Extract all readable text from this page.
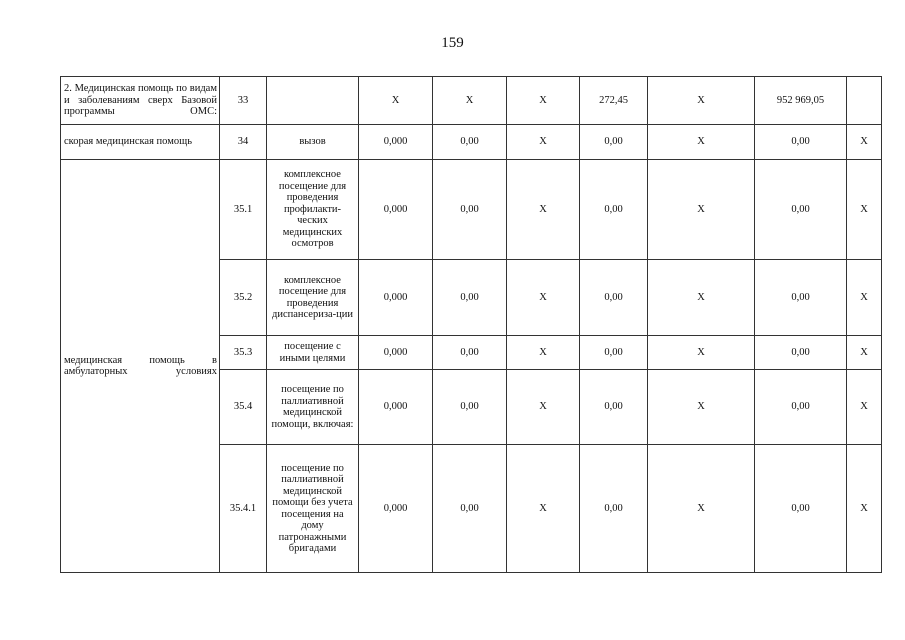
159
2. Медицинская помощь по видам и заболеваниям сверх Базовой программы ОМС:	33		X	X	X	272,45	X	952 969,05	
скорая медицинская помощь	34	вызов	0,000	0,00	X	0,00	X	0,00	X
медицинская помощь в амбулаторных условиях	35.1	комплексное посещение для проведения профилакти-ческих медицинских осмотров	0,000	0,00	X	0,00	X	0,00	X
	35.2	комплексное посещение для проведения диспансериза-ции	0,000	0,00	X	0,00	X	0,00	X
	35.3	посещение с иными целями	0,000	0,00	X	0,00	X	0,00	X
	35.4	посещение по паллиативной медицинской помощи, включая:	0,000	0,00	X	0,00	X	0,00	X
	35.4.1	посещение по паллиативной медицинской помощи без учета посещения на дому патронажными бригадами	0,000	0,00	X	0,00	X	0,00	X
